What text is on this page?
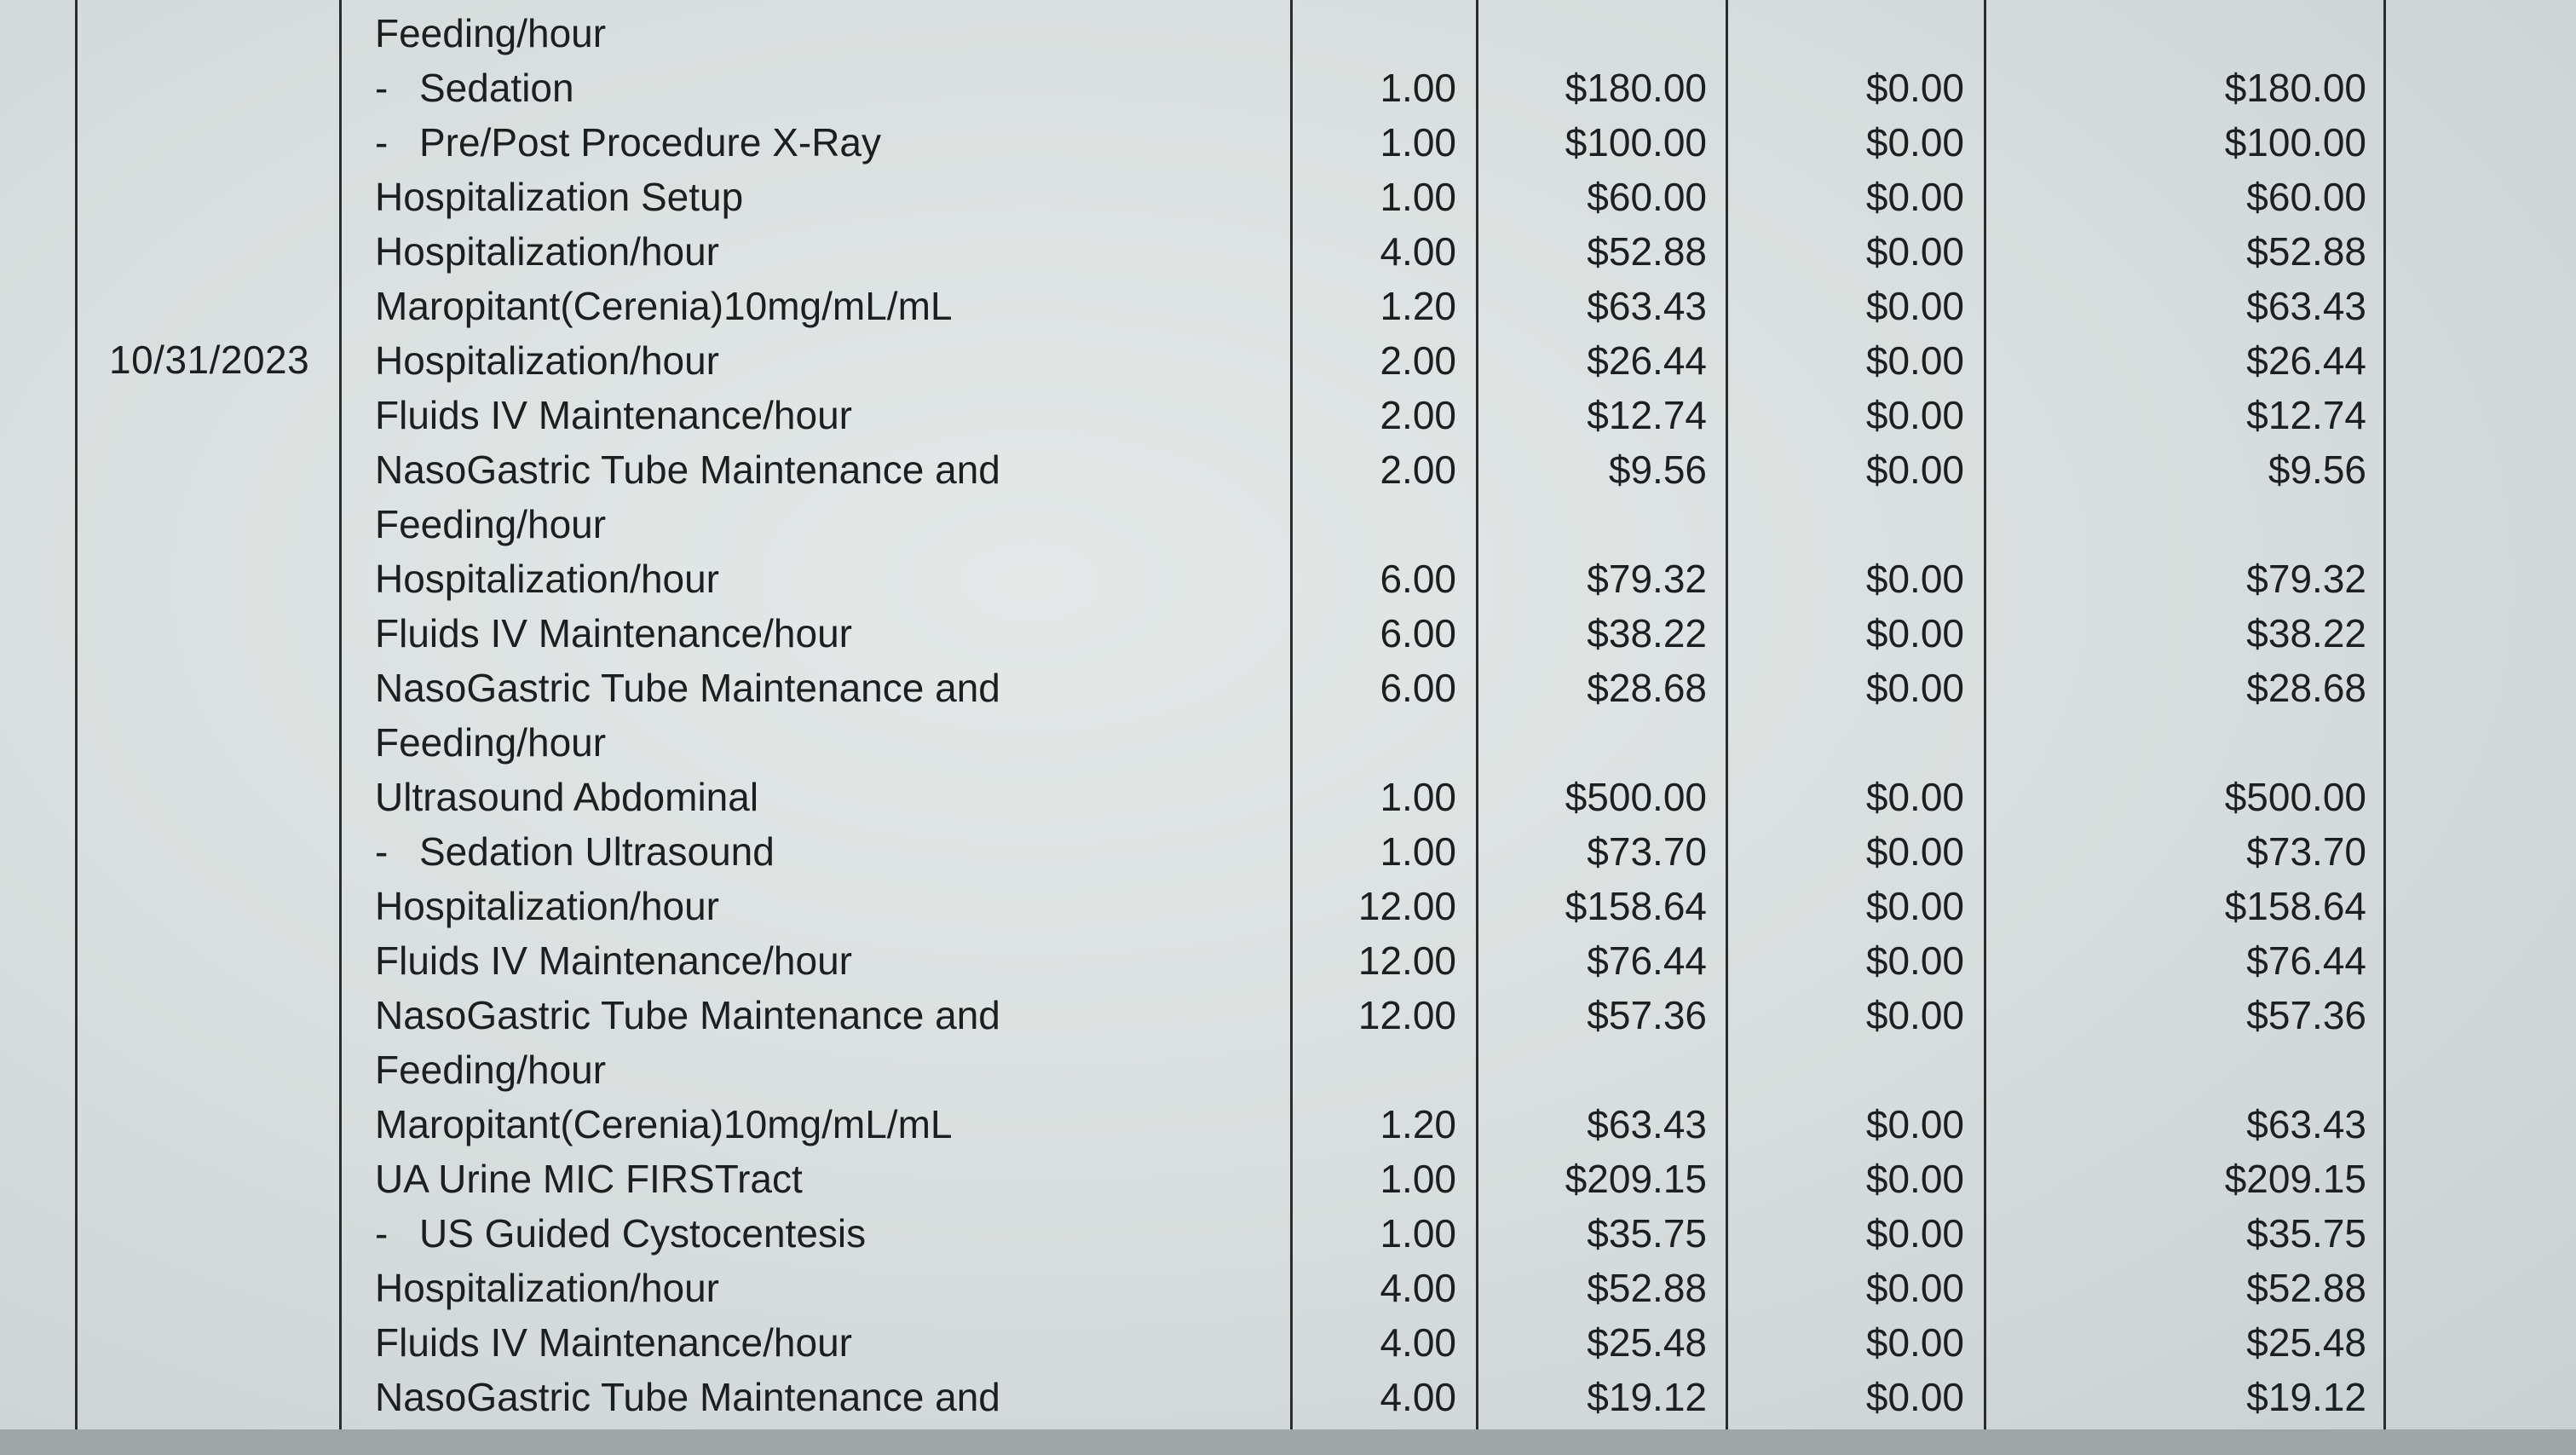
10/31/2023
Feeding/hour
- Sedation	1.00	$180.00	$0.00	$180.00
- Pre/Post Procedure X-Ray	1.00	$100.00	$0.00	$100.00
Hospitalization Setup	1.00	$60.00	$0.00	$60.00
Hospitalization/hour	4.00	$52.88	$0.00	$52.88
Maropitant(Cerenia)10mg/mL/mL	1.20	$63.43	$0.00	$63.43
Hospitalization/hour	2.00	$26.44	$0.00	$26.44
Fluids IV Maintenance/hour	2.00	$12.74	$0.00	$12.74
NasoGastric Tube Maintenance and	2.00	$9.56	$0.00	$9.56
Feeding/hour
Hospitalization/hour	6.00	$79.32	$0.00	$79.32
Fluids IV Maintenance/hour	6.00	$38.22	$0.00	$38.22
NasoGastric Tube Maintenance and	6.00	$28.68	$0.00	$28.68
Feeding/hour
Ultrasound Abdominal	1.00	$500.00	$0.00	$500.00
- Sedation Ultrasound	1.00	$73.70	$0.00	$73.70
Hospitalization/hour	12.00	$158.64	$0.00	$158.64
Fluids IV Maintenance/hour	12.00	$76.44	$0.00	$76.44
NasoGastric Tube Maintenance and	12.00	$57.36	$0.00	$57.36
Feeding/hour
Maropitant(Cerenia)10mg/mL/mL	1.20	$63.43	$0.00	$63.43
UA Urine MIC FIRSTract	1.00	$209.15	$0.00	$209.15
- US Guided Cystocentesis	1.00	$35.75	$0.00	$35.75
Hospitalization/hour	4.00	$52.88	$0.00	$52.88
Fluids IV Maintenance/hour	4.00	$25.48	$0.00	$25.48
NasoGastric Tube Maintenance and	4.00	$19.12	$0.00	$19.12
